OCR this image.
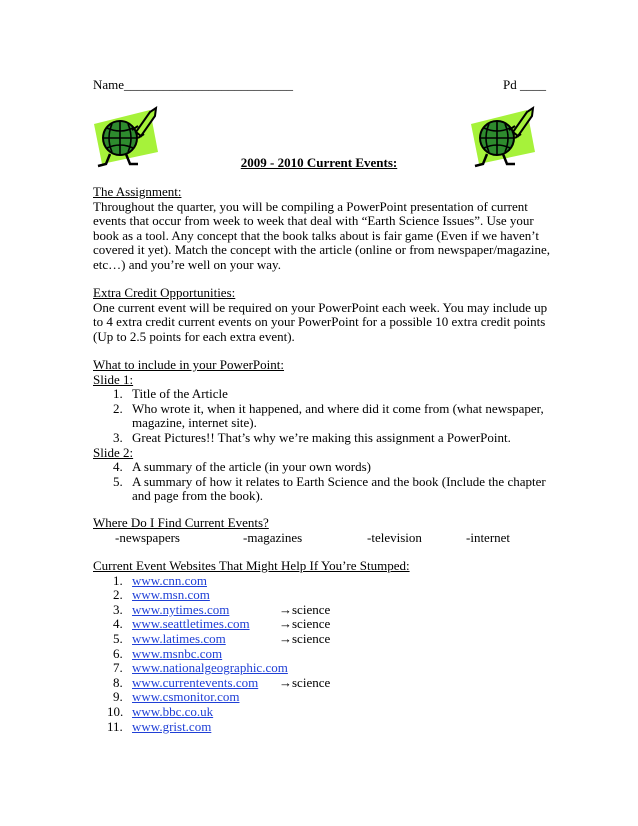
Name__________________________	Pd ____
2009 - 2010 Current Events:
The Assignment:
Throughout the quarter, you will be compiling a PowerPoint presentation of current
events that occur from week to week that deal with “Earth Science Issues”. Use your
book as a tool. Any concept that the book talks about is fair game (Even if we haven’t
covered it yet). Match the concept with the article (online or from newspaper/magazine,
etc…) and you’re well on your way.
Extra Credit Opportunities:
One current event will be required on your PowerPoint each week. You may include up
to 4 extra credit current events on your PowerPoint for a possible 10 extra credit points
(Up to 2.5 points for each extra event).
What to include in your PowerPoint:
Slide 1:
1. Title of the Article
2. Who wrote it, when it happened, and where did it come from (what newspaper,
magazine, internet site).
3. Great Pictures!! That’s why we’re making this assignment a PowerPoint.
Slide 2:
4. A summary of the article (in your own words)
5. A summary of how it relates to Earth Science and the book (Include the chapter
and page from the book).
Where Do I Find Current Events?
-newspapers	-magazines	-television	-internet
Current Event Websites That Might Help If You’re Stumped:
1. www.cnn.com
2. www.msn.com
3. www.nytimes.com	→science
4. www.seattletimes.com →science
5. www.latimes.com	→science
6. www.msnbc.com
7. www.nationalgeographic.com
8. www.currentevents.com →science
9. www.csmonitor.com
10. www.bbc.co.uk
11. www.grist.com
